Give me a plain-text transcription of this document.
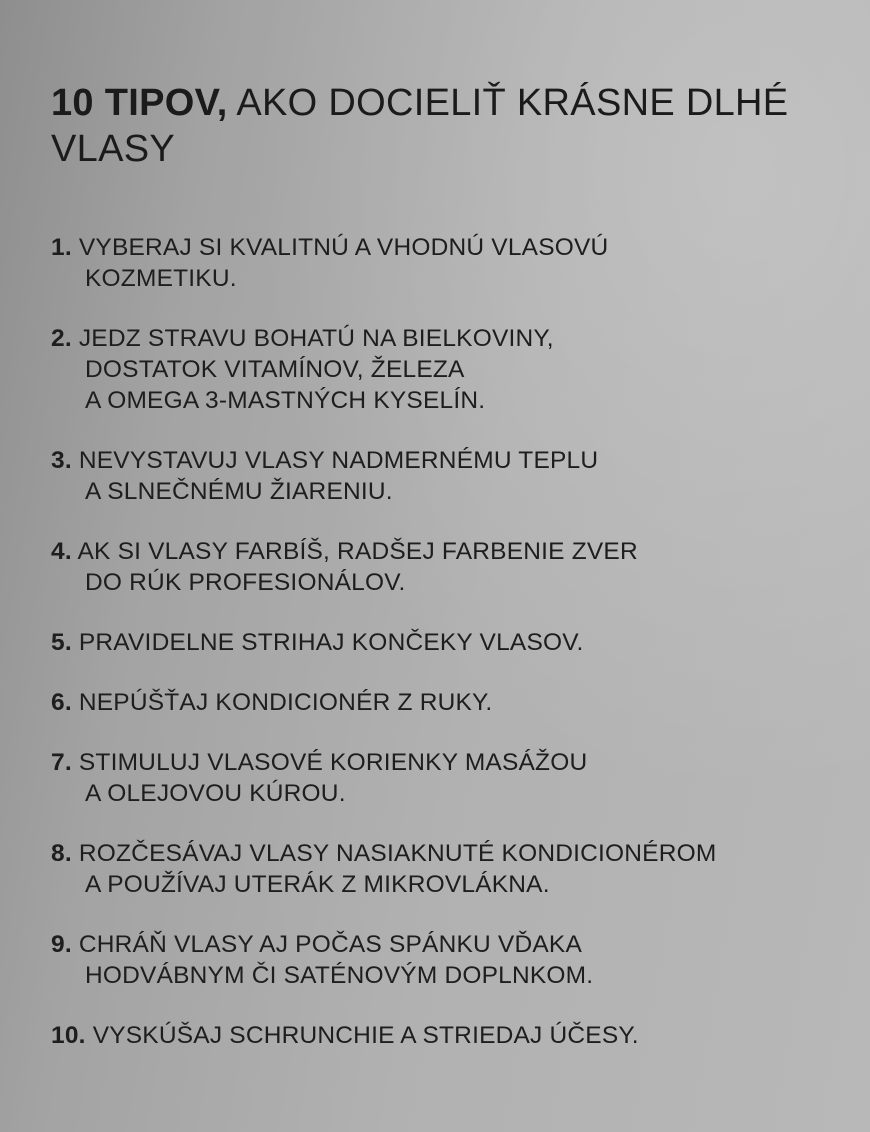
10 TIPOV, AKO DOCIELIŤ KRÁSNE DLHÉ VLASY
1. VYBERAJ SI KVALITNÚ A VHODNÚ VLASOVÚ
KOZMETIKU.
2. JEDZ STRAVU BOHATÚ NA BIELKOVINY,
DOSTATOK VITAMÍNOV, ŽELEZA
A OMEGA 3-MASTNÝCH KYSELÍN.
3. NEVYSTAVUJ VLASY NADMERNÉMU TEPLU
A SLNEČNÉMU ŽIARENIU.
4. AK SI VLASY FARBÍŠ, RADŠEJ FARBENIE ZVER
DO RÚK PROFESIONÁLOV.
5. PRAVIDELNE STRIHAJ KONČEKY VLASOV.
6. NEPÚŠŤAJ KONDICIONÉR Z RUKY.
7. STIMULUJ VLASOVÉ KORIENKY MASÁŽOU
A OLEJOVOU KÚROU.
8. ROZČESÁVAJ VLASY NASIAKNUTÉ KONDICIONÉROM
A POUŽÍVAJ UTERÁK Z MIKROVLÁKNA.
9. CHRÁŇ VLASY AJ POČAS SPÁNKU VĎAKA
HODVÁBNYM ČI SATÉNOVÝM DOPLNKOM.
10. VYSKÚŠAJ SCHRUNCHIE A STRIEDAJ ÚČESY.
